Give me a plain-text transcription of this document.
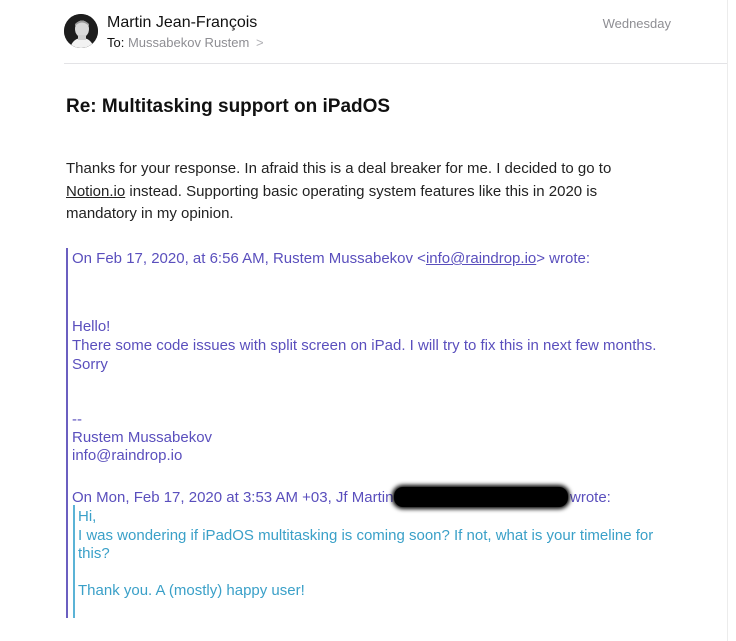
Martin Jean-François
To: Mussabekov Rustem >
Wednesday
Re: Multitasking support on iPadOS
Thanks for your response. In afraid this is a deal breaker for me. I decided to go to
Notion.io instead. Supporting basic operating system features like this in 2020 is
mandatory in my opinion.
On Feb 17, 2020, at 6:56 AM, Rustem Mussabekov <info@raindrop.io> wrote:
Hello!
There some code issues with split screen on iPad. I will try to fix this in next few months.
Sorry
--
Rustem Mussabekov
info@raindrop.io
On Mon, Feb 17, 2020 at 3:53 AM +03, Jf Martin	wrote:
Hi,
I was wondering if iPadOS multitasking is coming soon? If not, what is your timeline for
this?
Thank you. A (mostly) happy user!
